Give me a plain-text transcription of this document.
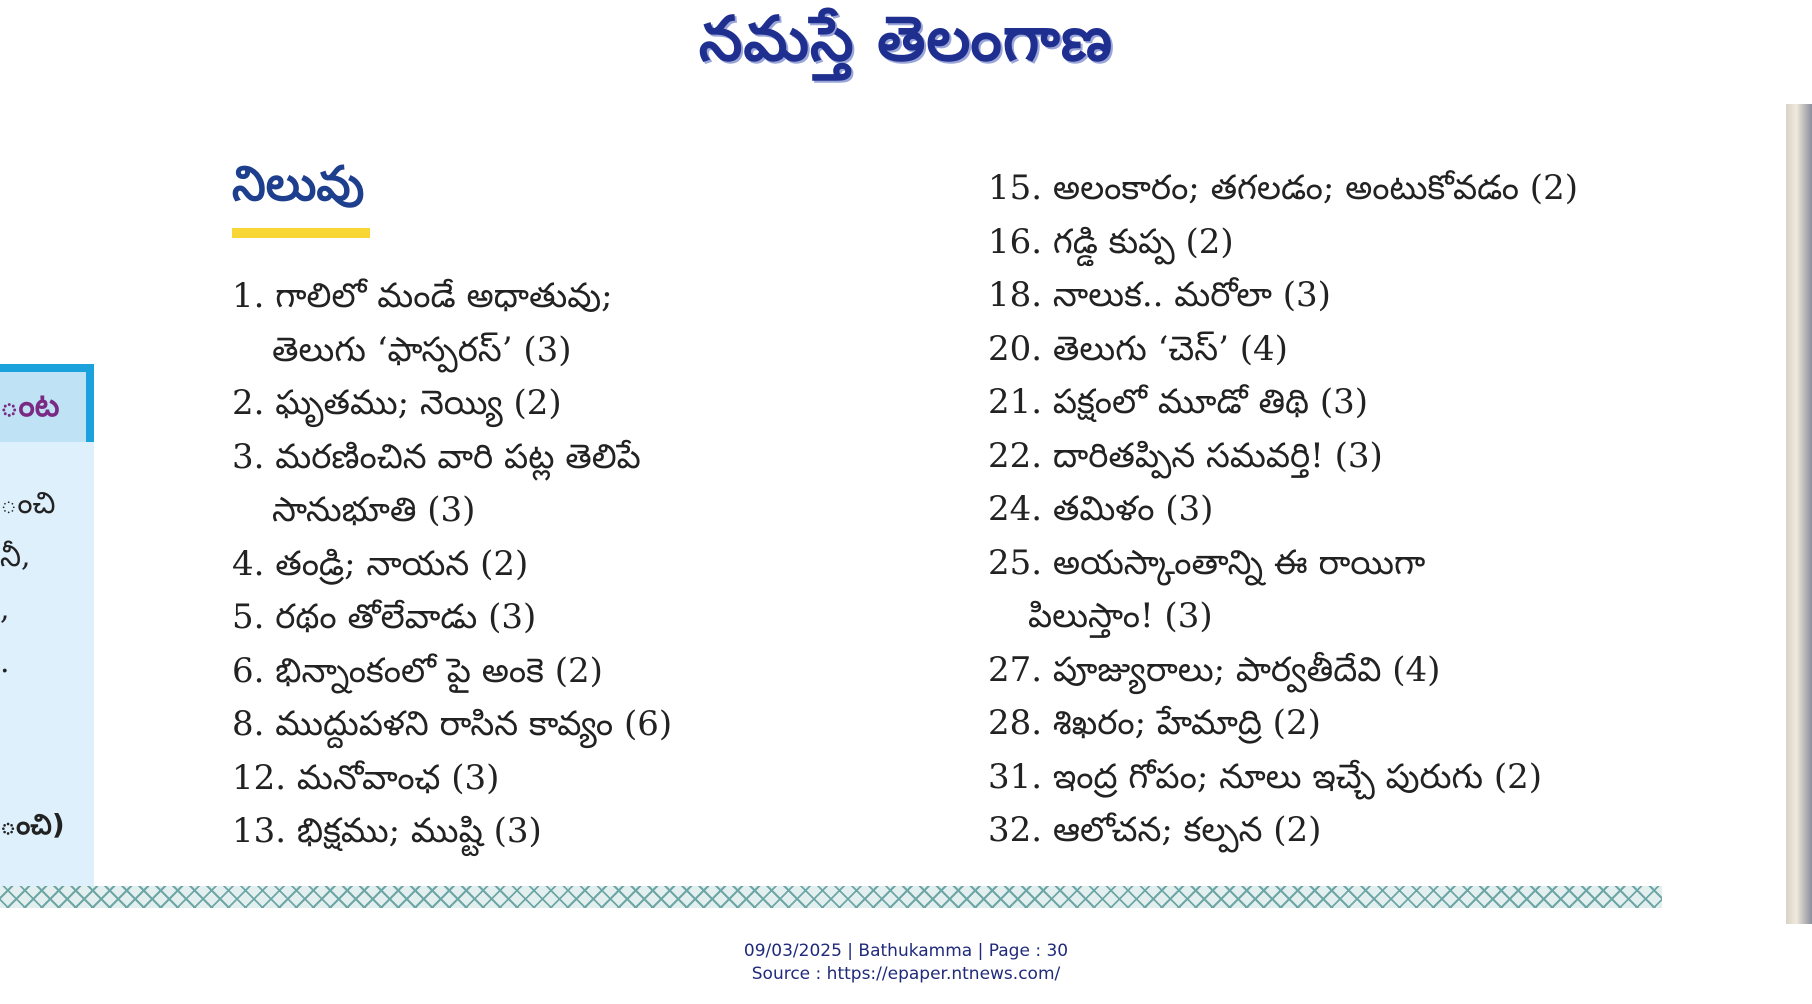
నమస్తే తెలంగాణ
ంట
ంచి
నీ,
,
.
ంచి)
నిలువు
1. గాలిలో మండే అధాతువు;
తెలుగు ‘ఫాస్పరస్’ (3)
2. ఘృతము; నెయ్యి (2)
3. మరణించిన వారి పట్ల తెలిపే
సానుభూతి (3)
4. తండ్రి; నాయన (2)
5. రథం తోలేవాడు (3)
6. భిన్నాంకంలో పై అంకె (2)
8. ముద్దుపళని రాసిన కావ్యం (6)
12. మనోవాంఛ (3)
13. భిక్షము; ముష్టి (3)
15. అలంకారం; తగలడం; అంటుకోవడం (2)
16. గడ్డి కుప్ప (2)
18. నాలుక.. మరోలా (3)
20. తెలుగు ‘చెస్’ (4)
21. పక్షంలో మూడో తిథి (3)
22. దారితప్పిన సమవర్తి! (3)
24. తమిళం (3)
25. అయస్కాంతాన్ని ఈ రాయిగా
పిలుస్తాం! (3)
27. పూజ్యురాలు; పార్వతీదేవి (4)
28. శిఖరం; హేమాద్రి (2)
31. ఇంద్ర గోపం; నూలు ఇచ్చే పురుగు (2)
32. ఆలోచన; కల్పన (2)
09/03/2025 | Bathukamma | Page : 30
Source : https://epaper.ntnews.com/
